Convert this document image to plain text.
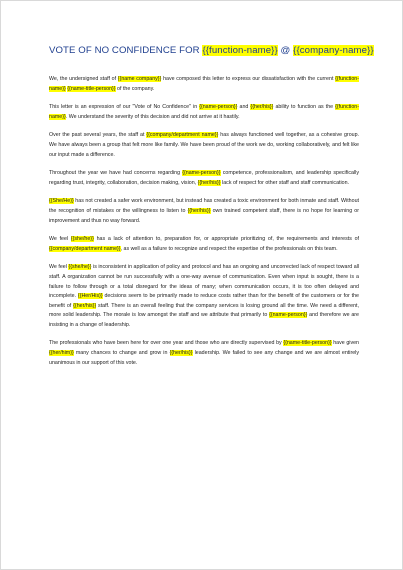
VOTE OF NO CONFIDENCE FOR {{function-name}} @ {{company-name}}

We, the undersigned staff of {{name company}} have composed this letter to express our dissatisfaction with the current {{function-name}} {{name-title-person}} of the company.

This letter is an expression of our "Vote of No Confidence" in {{name-person}} and {{her/his}} ability to function as the {{function-name}}. We understand the severity of this decision and did not arrive at it hastily.

Over the past several years, the staff at {{company/department name}} has always functioned well together, as a cohesive group. We have always been a group that felt more like family. We have been proud of the work we do, working collaboratively, and felt like our input made a difference.

Throughout the year we have had concerns regarding {{name-person}} competence, professionalism, and leadership specifically regarding trust, integrity, collaboration, decision making, vision, {{her/his}} lack of respect for other staff and staff communication.

{{She/He}} has not created a safer work environment, but instead has created a toxic environment for both inmate and staff. Without the recognition of mistakes or the willingness to listen to {{her/his}} own trained competent staff, there is no hope for learning or improvement and thus no way forward.

We feel {{she/he}} has a lack of attention to, preparation for, or appropriate prioritizing of, the requirements and interests of {{company/department name}}, as well as a failure to recognize and respect the expertise of the professionals on this team.

We feel {{she/he}} is inconsistent in application of policy and protocol and has an ongoing and uncorrected lack of respect toward all staff. A organization cannot be run successfully with a one-way avenue of communication. Even when input is sought, there is a failure to follow through or a total disregard for the ideas of many; when communication occurs, it is too often delayed and incomplete. {{Her/His}} decisions seem to be primarily made to reduce costs rather than for the benefit of the customers or for the benefit of {{her/his}} staff. There is an overall feeling that the company services is losing ground all the time. We need a different, more solid leadership. The morale is low amongst the staff and we attribute that primarily to {{name-person}} and therefore we are insisting in a change of leadership.

The professionals who have been here for over one year and those who are directly supervised by {{name-title-person}} have given {{her/him}} many chances to change and grow in {{her/his}} leadership. We failed to see any change and we are almost entirely unanimous in our support of this vote.
